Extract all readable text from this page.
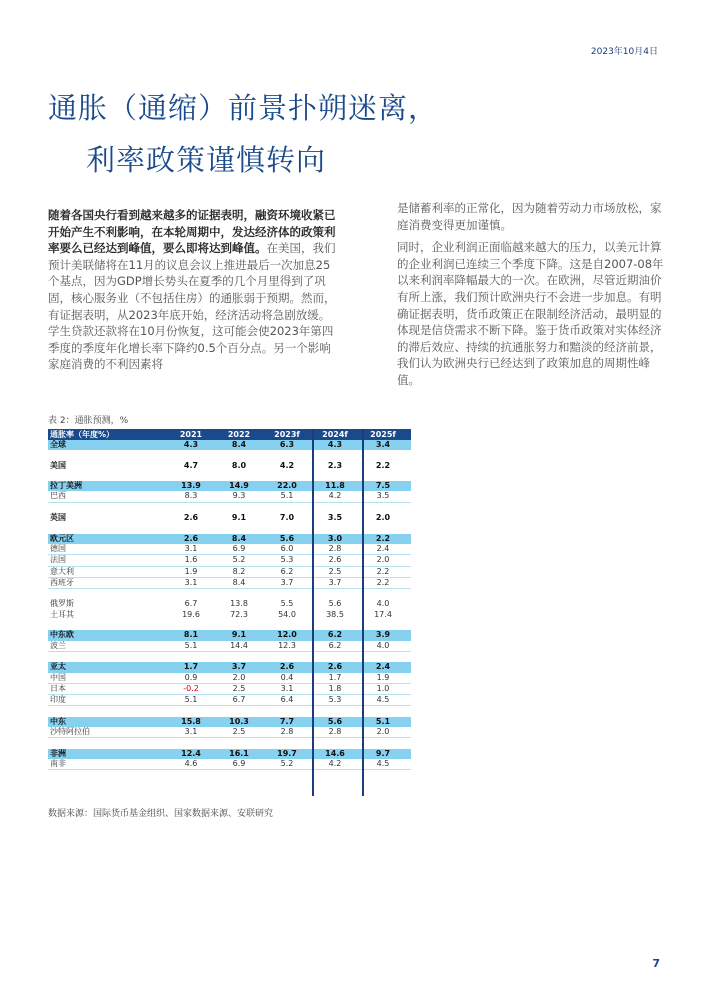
2023年10月4日
通胀（通缩）前景扑朔迷离，
利率政策谨慎转向

随着各国央行看到越来越多的证据表明，融资环境收紧已开始产生不利影响，在本轮周期中，发达经济体的政策利率要么已经达到峰值，要么即将达到峰值。在美国，我们预计美联储将在11月的议息会议上推进最后一次加息25个基点，因为GDP增长势头在夏季的几个月里得到了巩固，核心服务业（不包括住房）的通胀弱于预期。然而，有证据表明，从2023年底开始，经济活动将急剧放缓。学生贷款还款将在10月份恢复，这可能会使2023年第四季度的季度年化增长率下降约0.5个百分点。另一个影响家庭消费的不利因素将

是储蓄利率的正常化，因为随着劳动力市场放松，家庭消费变得更加谨慎。

同时，企业利润正面临越来越大的压力，以美元计算的企业利润已连续三个季度下降。这是自2007-08年以来利润率降幅最大的一次。在欧洲，尽管近期油价有所上涨，我们预计欧洲央行不会进一步加息。有明确证据表明，货币政策正在限制经济活动，最明显的体现是信贷需求不断下降。鉴于货币政策对实体经济的滞后效应、持续的抗通胀努力和黯淡的经济前景，我们认为欧洲央行已经达到了政策加息的周期性峰值。

表 2：通胀预测，%
通胀率（年度%）	2021	2022	2023f	2024f	2025f
全球	4.3	8.4	6.3	4.3	3.4
美国	4.7	8.0	4.2	2.3	2.2
拉丁美洲	13.9	14.9	22.0	11.8	7.5
巴西	8.3	9.3	5.1	4.2	3.5
英国	2.6	9.1	7.0	3.5	2.0
欧元区	2.6	8.4	5.6	3.0	2.2
德国	3.1	6.9	6.0	2.8	2.4
法国	1.6	5.2	5.3	2.6	2.0
意大利	1.9	8.2	6.2	2.5	2.2
西班牙	3.1	8.4	3.7	3.7	2.2
俄罗斯	6.7	13.8	5.5	5.6	4.0
土耳其	19.6	72.3	54.0	38.5	17.4
中东欧	8.1	9.1	12.0	6.2	3.9
波兰	5.1	14.4	12.3	6.2	4.0
亚太	1.7	3.7	2.6	2.6	2.4
中国	0.9	2.0	0.4	1.7	1.9
日本	-0.2	2.5	3.1	1.8	1.0
印度	5.1	6.7	6.4	5.3	4.5
中东	15.8	10.3	7.7	5.6	5.1
沙特阿拉伯	3.1	2.5	2.8	2.8	2.0
非洲	12.4	16.1	19.7	14.6	9.7
南非	4.6	6.9	5.2	4.2	4.5
数据来源：国际货币基金组织、国家数据来源、安联研究
7
